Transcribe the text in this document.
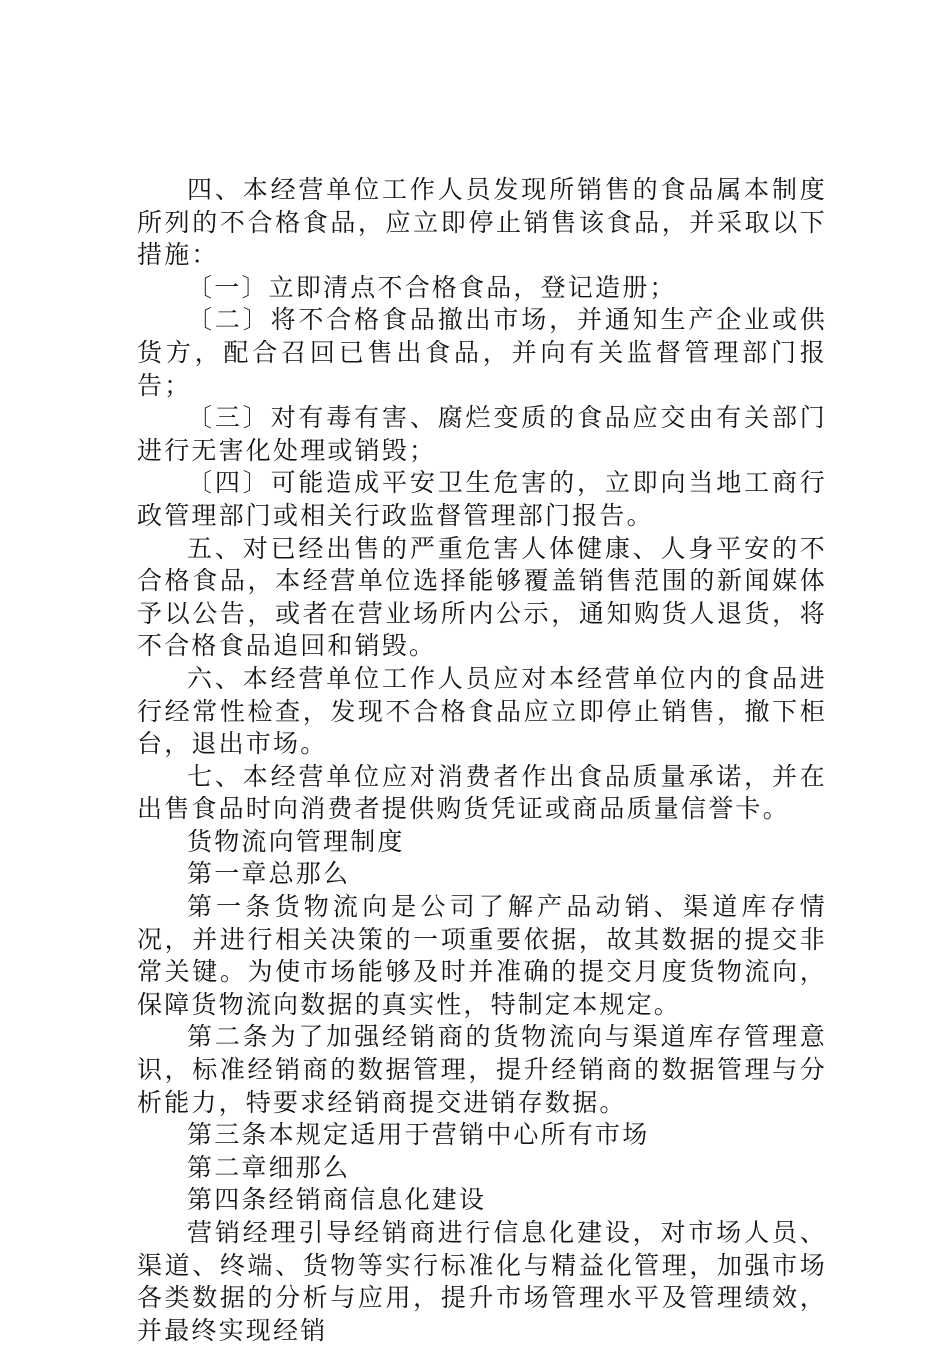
四、本经营单位工作人员发现所销售的食品属本制度所列的不合格食品，应立即停止销售该食品，并采取以下措施：

〔一〕立即清点不合格食品，登记造册；

〔二〕将不合格食品撤出市场，并通知生产企业或供货方，配合召回已售出食品，并向有关监督管理部门报告；

〔三〕对有毒有害、腐烂变质的食品应交由有关部门进行无害化处理或销毁；

〔四〕可能造成平安卫生危害的，立即向当地工商行政管理部门或相关行政监督管理部门报告。

五、对已经出售的严重危害人体健康、人身平安的不合格食品，本经营单位选择能够覆盖销售范围的新闻媒体予以公告，或者在营业场所内公示，通知购货人退货，将不合格食品追回和销毁。

六、本经营单位工作人员应对本经营单位内的食品进行经常性检查，发现不合格食品应立即停止销售，撤下柜台，退出市场。

七、本经营单位应对消费者作出食品质量承诺，并在出售食品时向消费者提供购货凭证或商品质量信誉卡。

货物流向管理制度

第一章总那么

第一条货物流向是公司了解产品动销、渠道库存情况，并进行相关决策的一项重要依据，故其数据的提交非常关键。为使市场能够及时并准确的提交月度货物流向，保障货物流向数据的真实性，特制定本规定。

第二条为了加强经销商的货物流向与渠道库存管理意识，标准经销商的数据管理，提升经销商的数据管理与分析能力，特要求经销商提交进销存数据。

第三条本规定适用于营销中心所有市场

第二章细那么

第四条经销商信息化建设

营销经理引导经销商进行信息化建设，对市场人员、渠道、终端、货物等实行标准化与精益化管理，加强市场各类数据的分析与应用，提升市场管理水平及管理绩效，并最终实现经销
